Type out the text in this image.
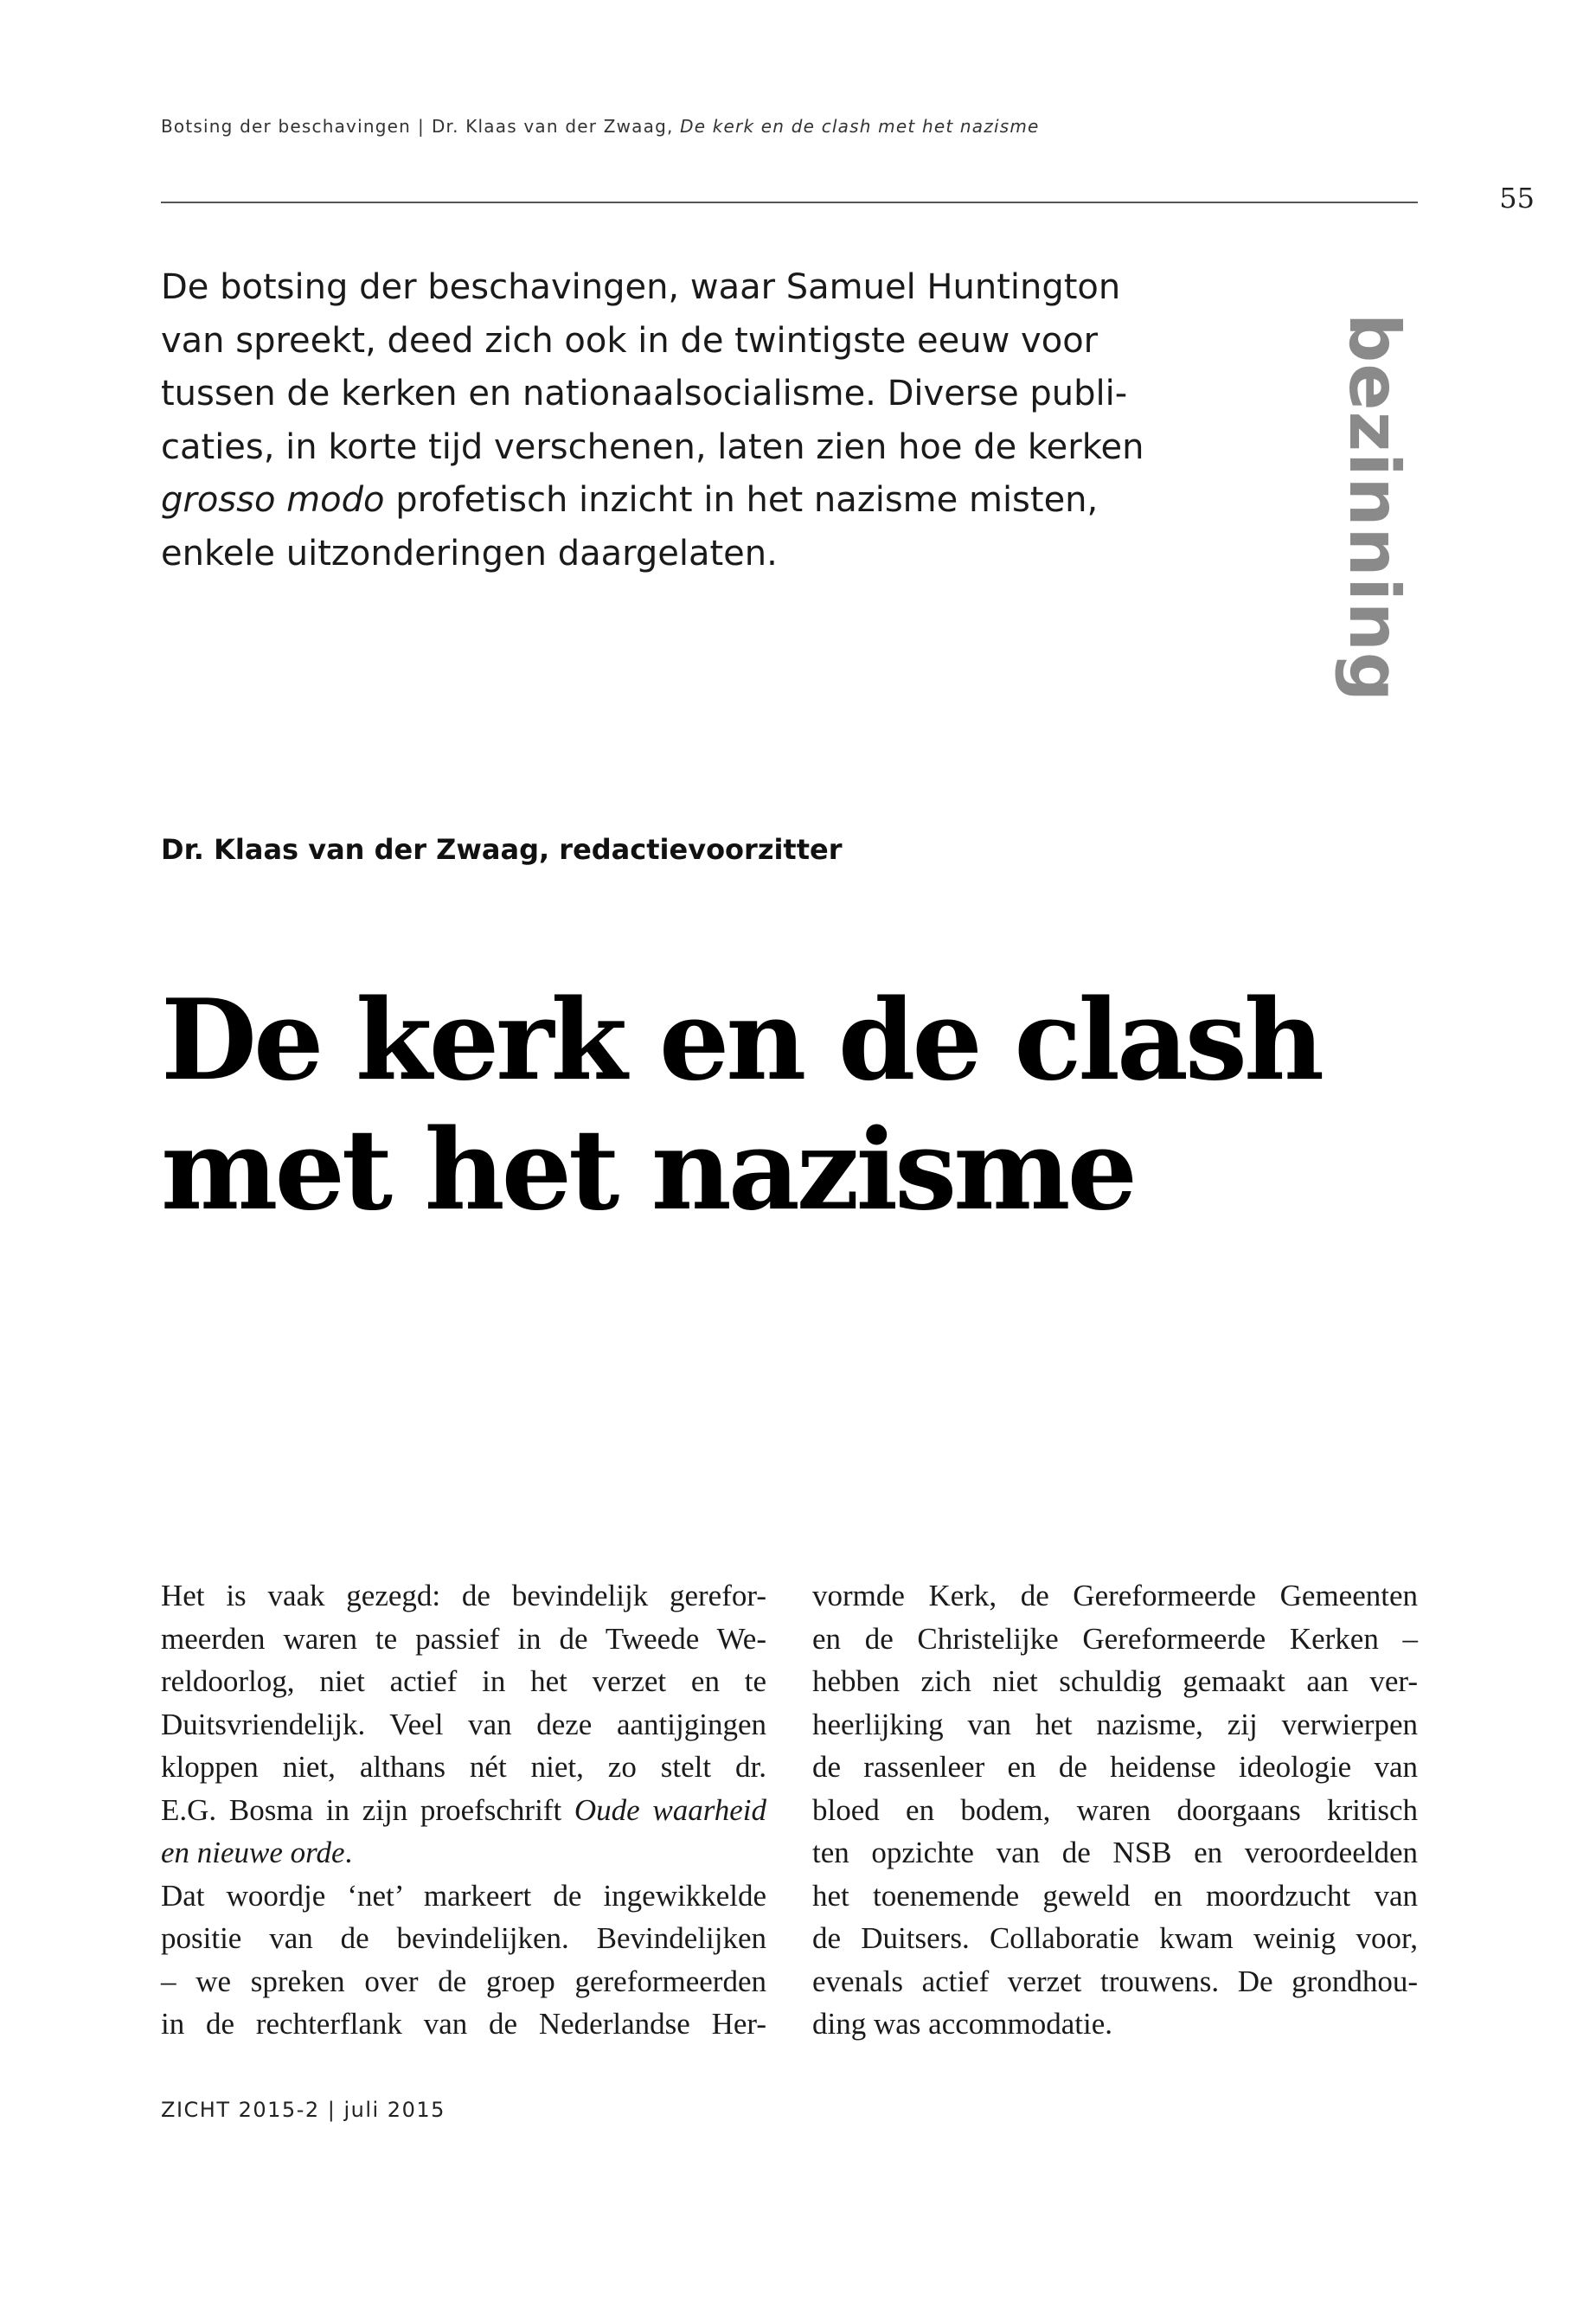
Botsing der beschavingen | Dr. Klaas van der Zwaag, De kerk en de clash met het nazisme
55
bezinning

De botsing der beschavingen, waar Samuel Huntington
van spreekt, deed zich ook in de twintigste eeuw voor
tussen de kerken en nationaalsocialisme. Diverse publi-
caties, in korte tijd verschenen, laten zien hoe de kerken
grosso modo profetisch inzicht in het nazisme misten,
enkele uitzonderingen daargelaten.

Dr. Klaas van der Zwaag, redactievoorzitter
De kerk en de clash
met het nazisme
Het is vaak gezegd: de bevindelijk gerefor-
meerden waren te passief in de Tweede We-
reldoorlog, niet actief in het verzet en te
Duitsvriendelijk. Veel van deze aantijgingen
kloppen niet, althans nét niet, zo stelt dr.
E.G. Bosma in zijn proefschrift Oude waarheid
en nieuwe orde.
Dat woordje ‘net’ markeert de ingewikkelde
positie van de bevindelijken. Bevindelijken
– we spreken over de groep gereformeerden
in de rechterflank van de Nederlandse Her-
vormde Kerk, de Gereformeerde Gemeenten
en de Christelijke Gereformeerde Kerken –
hebben zich niet schuldig gemaakt aan ver-
heerlijking van het nazisme, zij verwierpen
de rassenleer en de heidense ideologie van
bloed en bodem, waren doorgaans kritisch
ten opzichte van de NSB en veroordeelden
het toenemende geweld en moordzucht van
de Duitsers. Collaboratie kwam weinig voor,
evenals actief verzet trouwens. De grondhou-
ding was accommodatie.
ZICHT 2015-2 | juli 2015
